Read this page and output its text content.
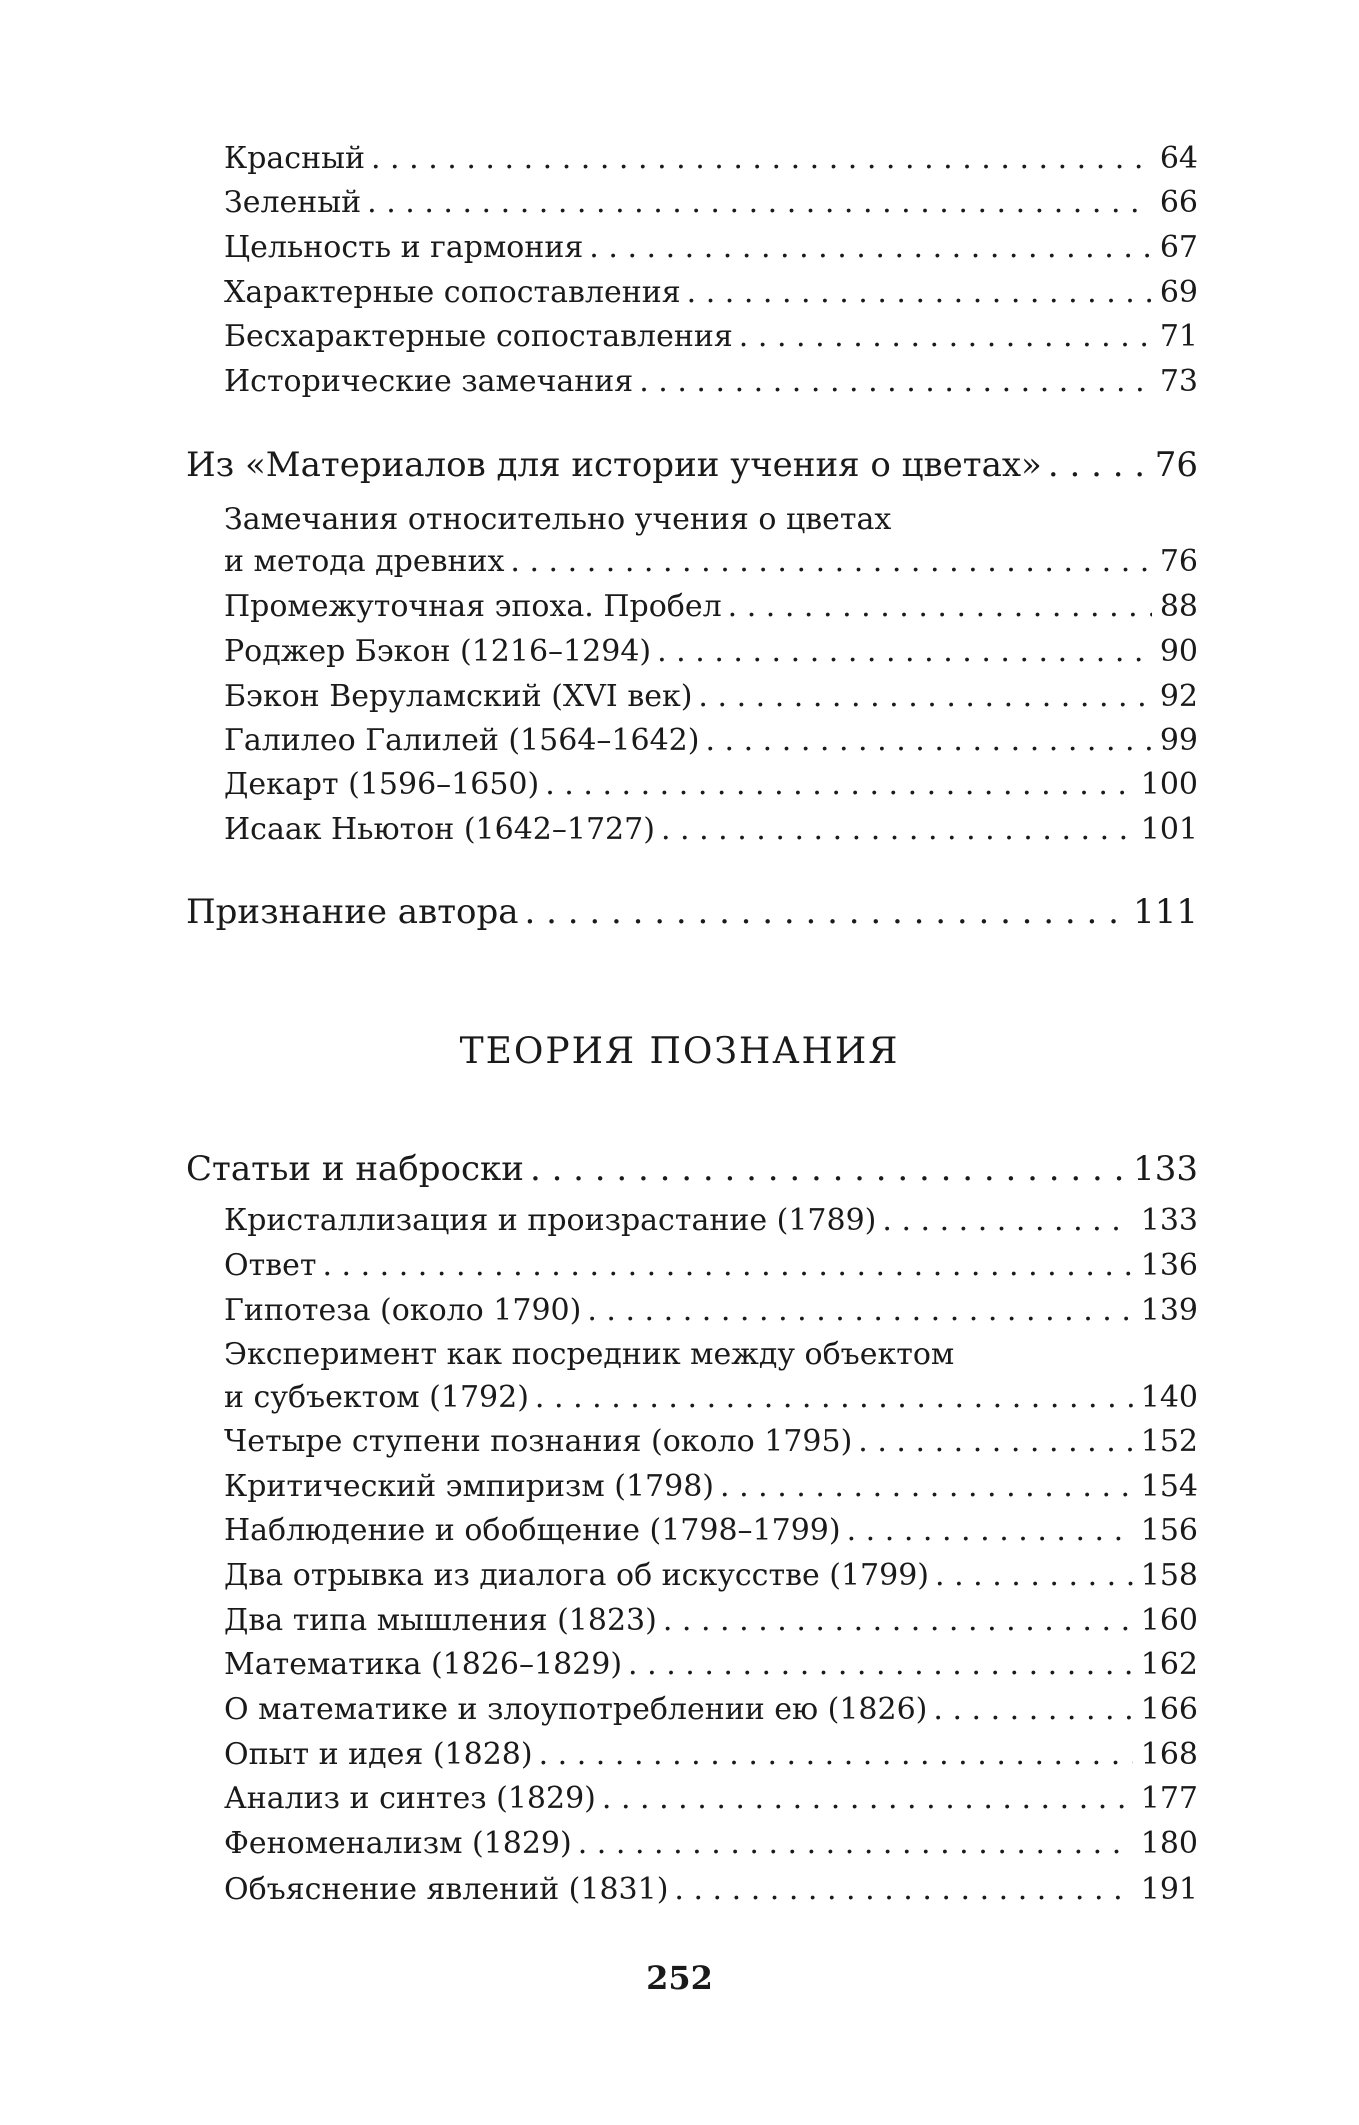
Красный . . .	64
Зеленый . . .	66
Цельность и гармония . . .	67
Характерные сопоставления . . .	69
Бесхарактерные сопоставления . . .	71
Исторические замечания . . .	73
Из «Материалов для истории учения о цветах» . . .	76
Замечания относительно учения о цветах
и метода древних . . .	76
Промежуточная эпоха. Пробел . . .	88
Роджер Бэкон (1216–1294) . . .	90
Бэкон Веруламский (XVI век) . . .	92
Галилео Галилей (1564–1642) . . .	99
Декарт (1596–1650) . . .	100
Исаак Ньютон (1642–1727) . . .	101
Признание автора . . .	111
ТЕОРИЯ ПОЗНАНИЯ
Статьи и наброски . . .	133
Кристаллизация и произрастание (1789) . . .	133
Ответ . . .	136
Гипотеза (около 1790) . . .	139
Эксперимент как посредник между объектом
и субъектом (1792) . . .	140
Четыре ступени познания (около 1795) . . .	152
Критический эмпиризм (1798) . . .	154
Наблюдение и обобщение (1798–1799) . . .	156
Два отрывка из диалога об искусстве (1799) . . .	158
Два типа мышления (1823) . . .	160
Математика (1826–1829) . . .	162
О математике и злоупотреблении ею (1826) . . .	166
Опыт и идея (1828) . . .	168
Анализ и синтез (1829) . . .	177
Феноменализм (1829) . . .	180
Объяснение явлений (1831) . . .	191
252
